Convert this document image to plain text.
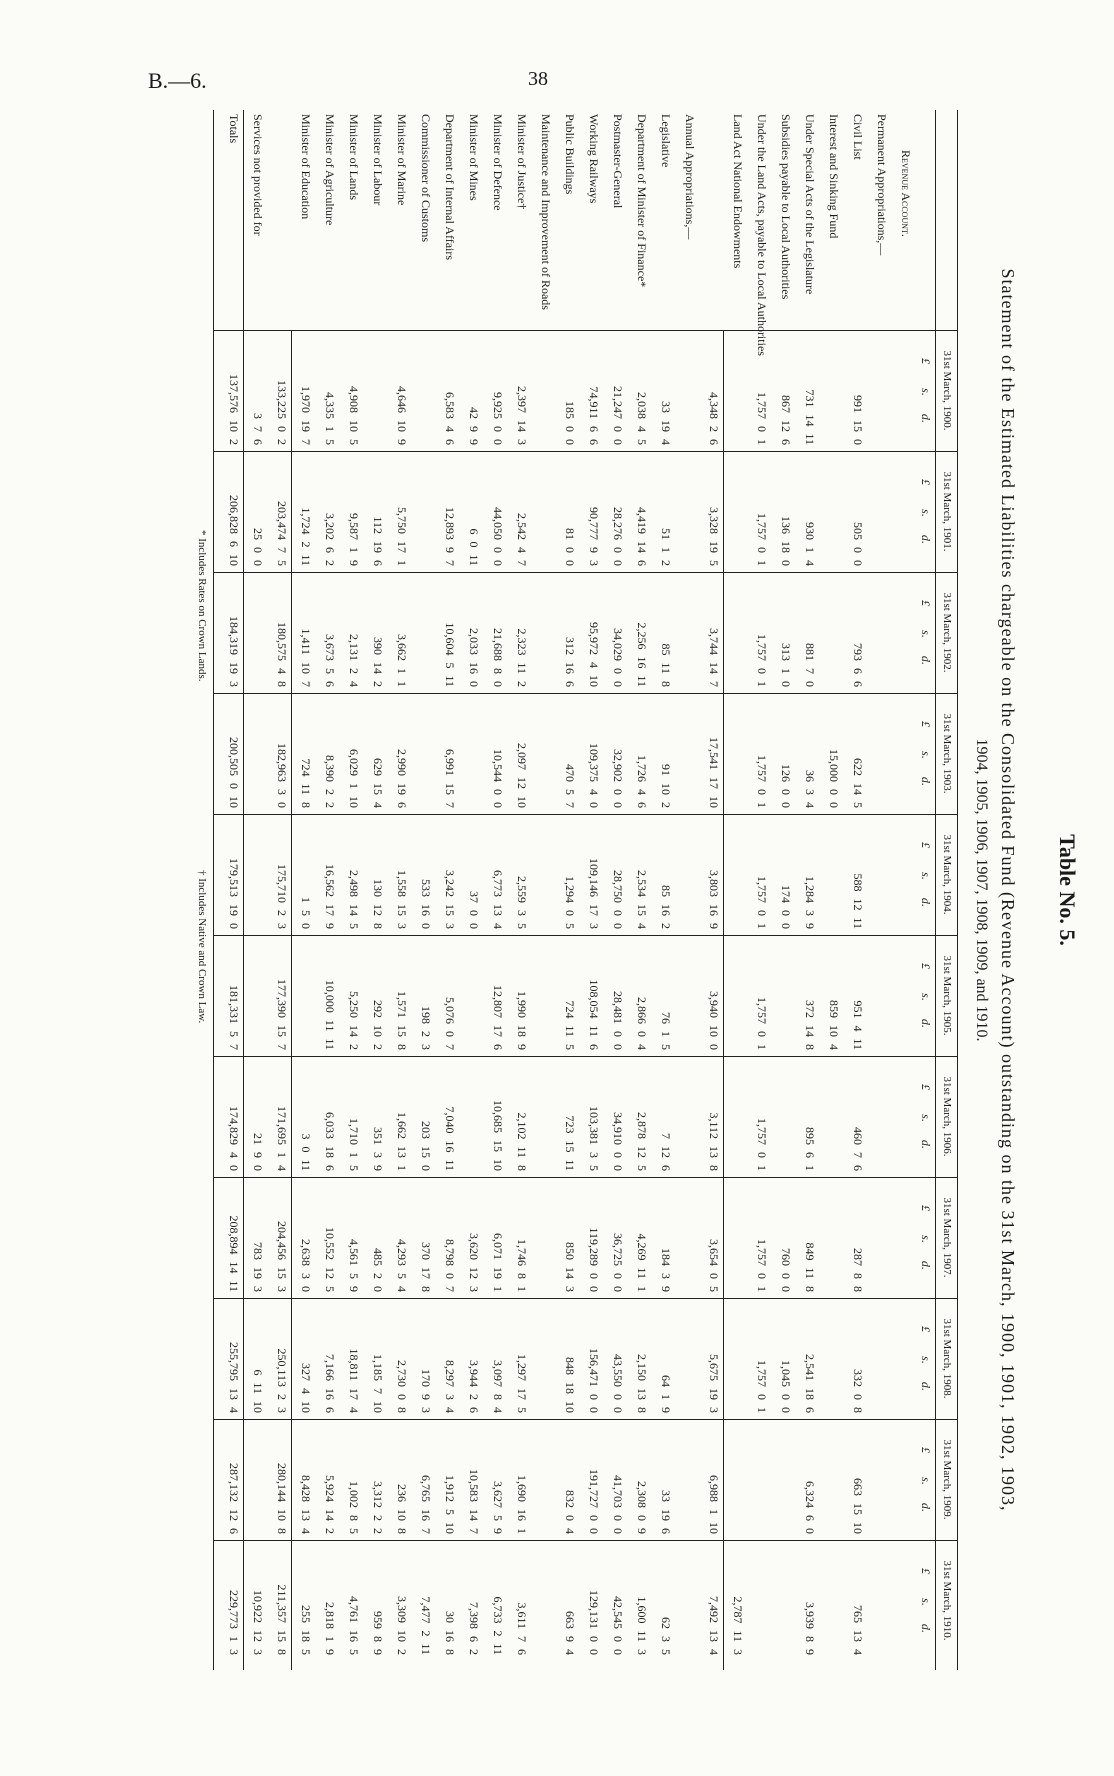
B.—6.	38
Table No. 5.
Statement of the Estimated Liabilities chargeable on the Consolidated Fund (Revenue Account) outstanding on the 31st March, 1900, 1901, 1902, 1903,
1904, 1905, 1906, 1907, 1908, 1909, and 1910.
31st March, 1900.
£        s.      d.
31st March, 1901.
£        s.      d.
31st March, 1902.
£        s.      d.
31st March, 1903.
£        s.      d.
31st March, 1904.
£        s.      d.
31st March, 1905.
£        s.      d.
31st March, 1906.
£        s.      d.
31st March, 1907.
£        s.      d.
31st March, 1908.
£        s.      d.
31st March, 1909.
£        s.      d.
31st March, 1910.
£        s.      d.
Revenue Account.
Permanent Appropriations,—
Civil List
991 15 0
505 0 0
793 6 6
622 14 5
588 12 11
951 4 11
460 7 6
287 8 8
332 0 8
663 15 10
765 13 4
Interest and Sinking Fund
15,000 0 0
859 10 4
Under Special Acts of the Legislature
731 14 11
930 1 4
881 7 0
36 3 4
1,284 3 9
372 14 8
895 6 1
849 11 8
2,541 18 6
6,324 6 0
3,939 8 9
Subsidies payable to Local Authorities
867 12 6
136 18 0
313 1 0
126 0 0
174 0 0
760 0 0
1,045 0 0
Under the Land Acts, payable to Local Authorities
1,757 0 1
1,757 0 1
1,757 0 1
1,757 0 1
1,757 0 1
1,757 0 1
1,757 0 1
1,757 0 1
1,757 0 1
Land Act National Endowments
2,787 11 3
4,348 2 6
3,328 19 5
3,744 14 7
17,541 17 10
3,803 16 9
3,940 10 0
3,112 13 8
3,654 0 5
5,675 19 3
6,988 1 10
7,492 13 4
Annual Appropriations,—
Legislative
33 19 4
51 1 2
85 11 8
91 10 2
85 16 2
76 1 5
7 12 6
184 3 9
64 1 9
33 19 6
62 3 5
Department of Minister of Finance*
2,038 4 5
4,419 14 6
2,256 16 11
1,726 4 6
2,534 15 4
2,866 0 4
2,878 12 5
4,269 11 1
2,150 13 8
2,308 0 9
1,600 11 3
Postmaster-General
21,247 0 0
28,276 0 0
34,029 0 0
32,902 0 0
28,750 0 0
28,481 0 0
34,910 0 0
36,725 0 0
43,550 0 0
41,703 0 0
42,545 0 0
Working Railways
74,911 6 6
90,777 9 3
95,972 4 10
109,375 4 0
109,146 17 3
108,054 11 6
103,381 3 5
119,289 0 0
156,471 0 0
191,727 0 0
129,131 0 0
Public Buildings
185 0 0
81 0 0
312 16 6
470 5 7
1,294 0 5
724 11 5
723 15 11
850 14 3
848 18 10
832 0 4
663 9 4
Maintenance and Improvement of Roads
Minister of Justice†
2,397 14 3
2,542 4 7
2,323 11 2
2,097 12 10
2,559 3 5
1,990 18 9
2,102 11 8
1,746 8 1
1,297 17 5
1,690 16 1
3,611 7 6
Minister of Defence
9,925 0 0
44,050 0 0
21,688 8 0
10,544 0 0
6,773 13 4
12,807 17 6
10,685 15 10
6,071 19 1
3,097 8 4
3,627 5 9
6,733 2 11
Minister of Mines
42 9 9
6 0 11
2,033 16 0
37 0 0
3,620 12 3
3,944 2 6
10,583 14 7
7,398 6 2
Department of Internal Affairs
6,583 4 6
12,893 9 7
10,604 5 11
6,991 15 7
3,242 15 3
5,076 0 7
7,040 16 11
8,798 0 7
8,297 3 4
1,912 5 10
30 16 8
Commissioner of Customs
533 16 0
198 2 3
203 15 0
370 17 8
170 9 3
6,765 16 7
7,477 2 11
Minister of Marine
4,646 10 9
5,750 17 1
3,662 1 1
2,990 19 6
1,558 15 3
1,571 15 8
1,662 13 1
4,293 5 4
2,730 0 8
236 10 8
3,309 10 2
Minister of Labour
112 19 6
390 14 2
629 15 4
130 12 8
292 10 2
351 3 9
485 2 0
1,185 7 10
3,312 2 2
959 8 9
Minister of Lands
4,908 10 5
9,587 1 9
2,131 2 4
6,029 1 10
2,498 14 5
5,250 14 2
1,710 1 5
4,561 5 9
18,811 17 4
1,002 8 5
4,761 16 5
Minister of Agriculture
4,335 1 5
3,202 6 2
3,673 5 6
8,390 2 2
16,562 17 9
10,000 11 11
6,033 18 6
10,552 12 5
7,166 16 6
5,924 14 2
2,818 1 9
Minister of Education
1,970 19 7
1,724 2 11
1,411 10 7
724 11 8
1 5 0
3 0 11
2,638 3 0
327 4 10
8,428 13 4
255 18 5
133,225 0 2
203,474 7 5
180,575 4 8
182,963 3 0
175,710 2 3
177,390 15 7
171,695 1 4
204,456 15 3
250,113 2 3
280,144 10 8
211,357 15 8
Services not provided for
3 7 6
25 0 0
21 9 0
783 19 3
6 11 10
10,922 12 3
Totals
137,576 10 2
206,828 6 10
184,319 19 3
200,505 0 10
179,513 19 0
181,331 5 7
174,829 4 0
208,894 14 11
255,795 13 4
287,132 12 6
229,773 1 3
* Includes Rates on Crown Lands.
† Includes Native and Crown Law.
